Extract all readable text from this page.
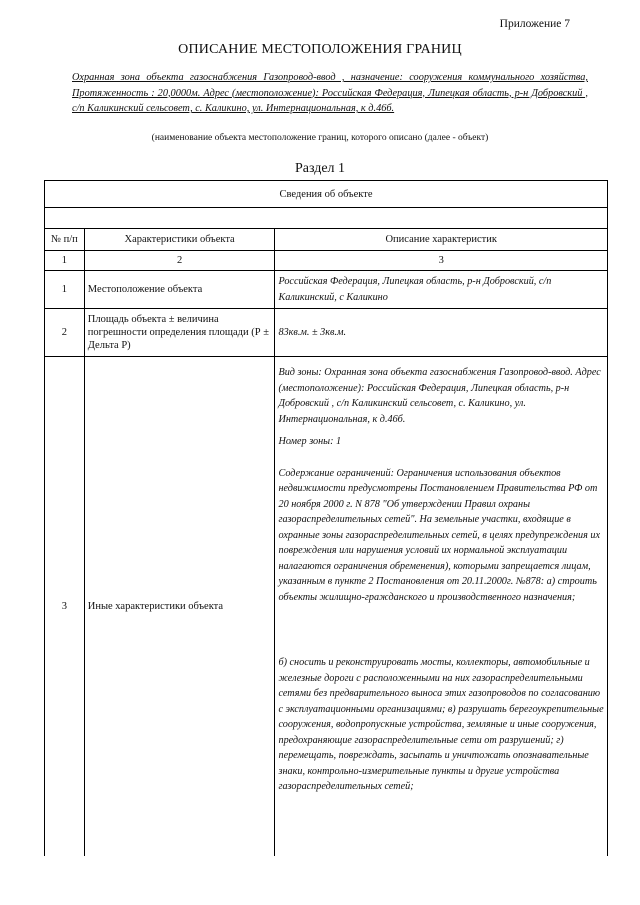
Приложение 7
ОПИСАНИЕ МЕСТОПОЛОЖЕНИЯ ГРАНИЦ
Охранная зона объекта газоснабжения Газопровод-ввод , назначение: сооружения коммунального хозяйства, Протяженность : 20,0000м. Адрес (местоположение): Российская Федерация, Липецкая область, р-н Добровский , с/п Каликинский сельсовет, с. Каликино, ул. Интернациональная, к д.46б.
(наименование объекта местоположение границ, которого описано (далее - объект)
Раздел 1
Сведения об объекте		

№ п/п	Характеристики объекта	Описание характеристик
1	2	3
1	Местоположение объекта	Российская Федерация, Липецкая область, р-н Добровский, с/п Каликинский, с Каликино
2	Площадь объекта ± величина погрешности определения площади (Р ± Дельта Р)	83кв.м. ± 3кв.м.
3	Иные характеристики объекта	Вид зоны: Охранная зона объекта газоснабжения Газопровод-ввод. Адрес (местоположение): Российская Федерация, Липецкая область, р-н Добровский , с/п Каликинский сельсовет, с. Каликино, ул. Интернациональная, к д.46б.

Номер зоны: 1

Содержание ограничений: Ограничения использования объектов недвижимости предусмотрены Постановлением Правительства РФ от 20 ноября 2000 г. N 878 "Об утверждении Правил охраны газораспределительных сетей". На земельные участки, входящие в охранные зоны газораспределительных сетей, в целях предупреждения их повреждения или нарушения условий их нормальной эксплуатации налагаются ограничения обременения), которыми запрещается лицам, указанным в пункте 2 Постановления от 20.11.2000г. №878: а) строить объекты жилищно-гражданского и производственного назначения;

б) сносить и реконструировать мосты, коллекторы, автомобильные и железные дороги с расположенными на них газораспределительными сетями без предварительного выноса этих газопроводов по согласованию с эксплуатационными организациями; в) разрушать берегоукрепительные сооружения, водопропускные устройства, земляные и иные сооружения, предохраняющие газораспределительные сети от разрушений; г) перемещать, повреждать, засыпать и уничтожать опознавательные знаки, контрольно-измерительные пункты и другие устройства газораспределительных сетей;
